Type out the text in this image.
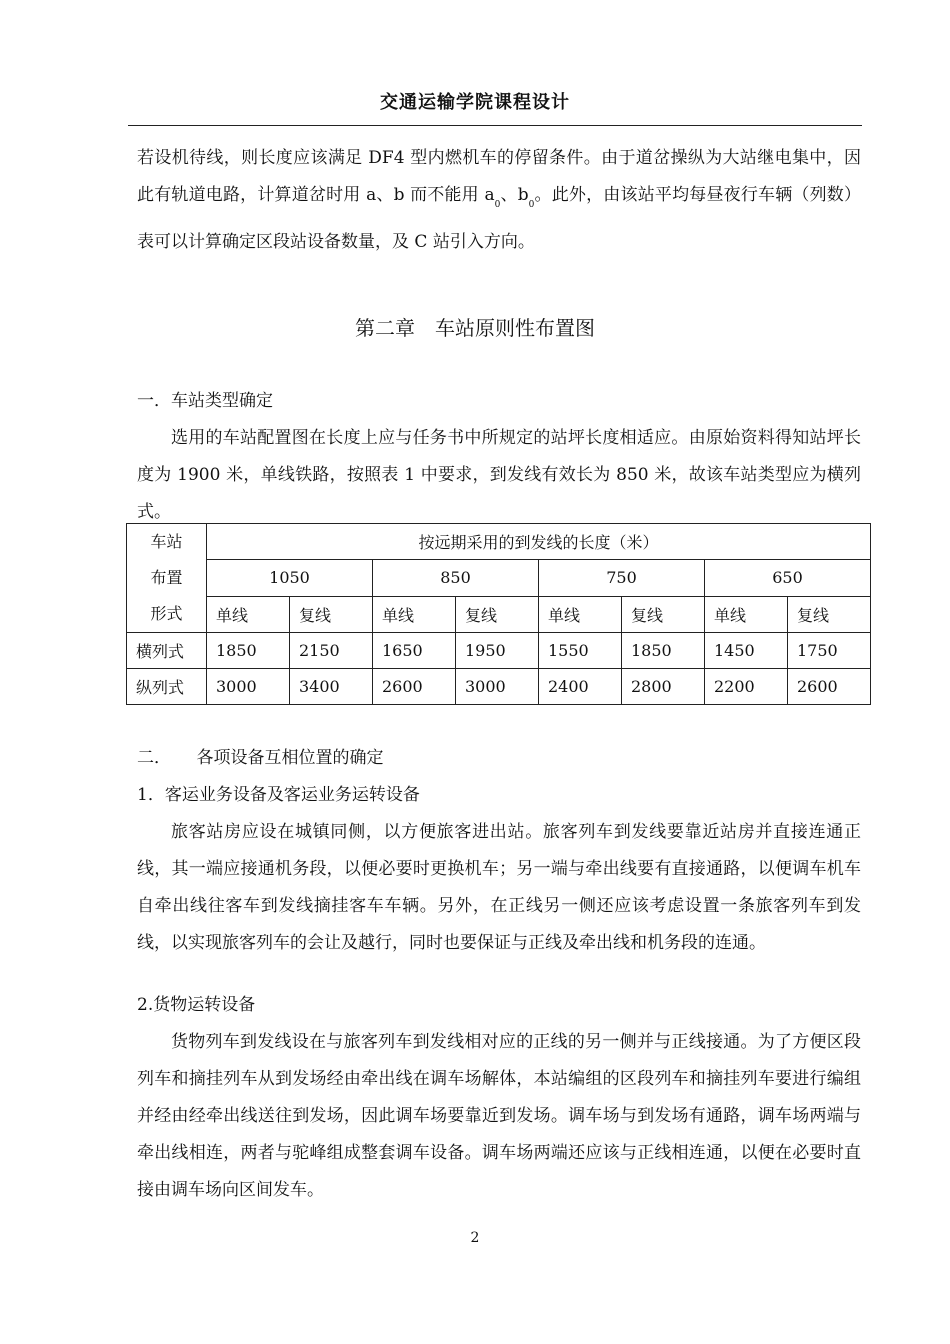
交通运输学院课程设计

若设机待线，则长度应该满足 DF4 型内燃机车的停留条件。由于道岔操纵为大站继电集中，因此有轨道电路，计算道岔时用 a、b 而不能用 $a_0$、$b_0$。此外，由该站平均每昼夜行车辆（列数）表可以计算确定区段站设备数量，及 C 站引入方向。

第二章　车站原则性布置图
一．车站类型确定

选用的车站配置图在长度上应与任务书中所规定的站坪长度相适应。由原始资料得知站坪长度为 1900 米，单线铁路，按照表 1 中要求，到发线有效长为 850 米，故该车站类型应为横列式。

车站
布置
形式	按远期采用的到发线的长度（米）							
	1050		850		750		650	
	单线	复线	单线	复线	单线	复线	单线	复线
横列式	1850	2150	1650	1950	1550	1850	1450	1750
纵列式	3000	3400	2600	3000	2400	2800	2200	2600
二．　　各项设备互相位置的确定
1．客运业务设备及客运业务运转设备

旅客站房应设在城镇同侧，以方便旅客进出站。旅客列车到发线要靠近站房并直接连通正线，其一端应接通机务段，以便必要时更换机车；另一端与牵出线要有直接通路，以便调车机车自牵出线往客车到发线摘挂客车车辆。另外，在正线另一侧还应该考虑设置一条旅客列车到发线，以实现旅客列车的会让及越行，同时也要保证与正线及牵出线和机务段的连通。

2.货物运转设备

货物列车到发线设在与旅客列车到发线相对应的正线的另一侧并与正线接通。为了方便区段列车和摘挂列车从到发场经由牵出线在调车场解体，本站编组的区段列车和摘挂列车要进行编组并经由经牵出线送往到发场，因此调车场要靠近到发场。调车场与到发场有通路，调车场两端与牵出线相连，两者与驼峰组成整套调车设备。调车场两端还应该与正线相连通，以便在必要时直接由调车场向区间发车。

2
